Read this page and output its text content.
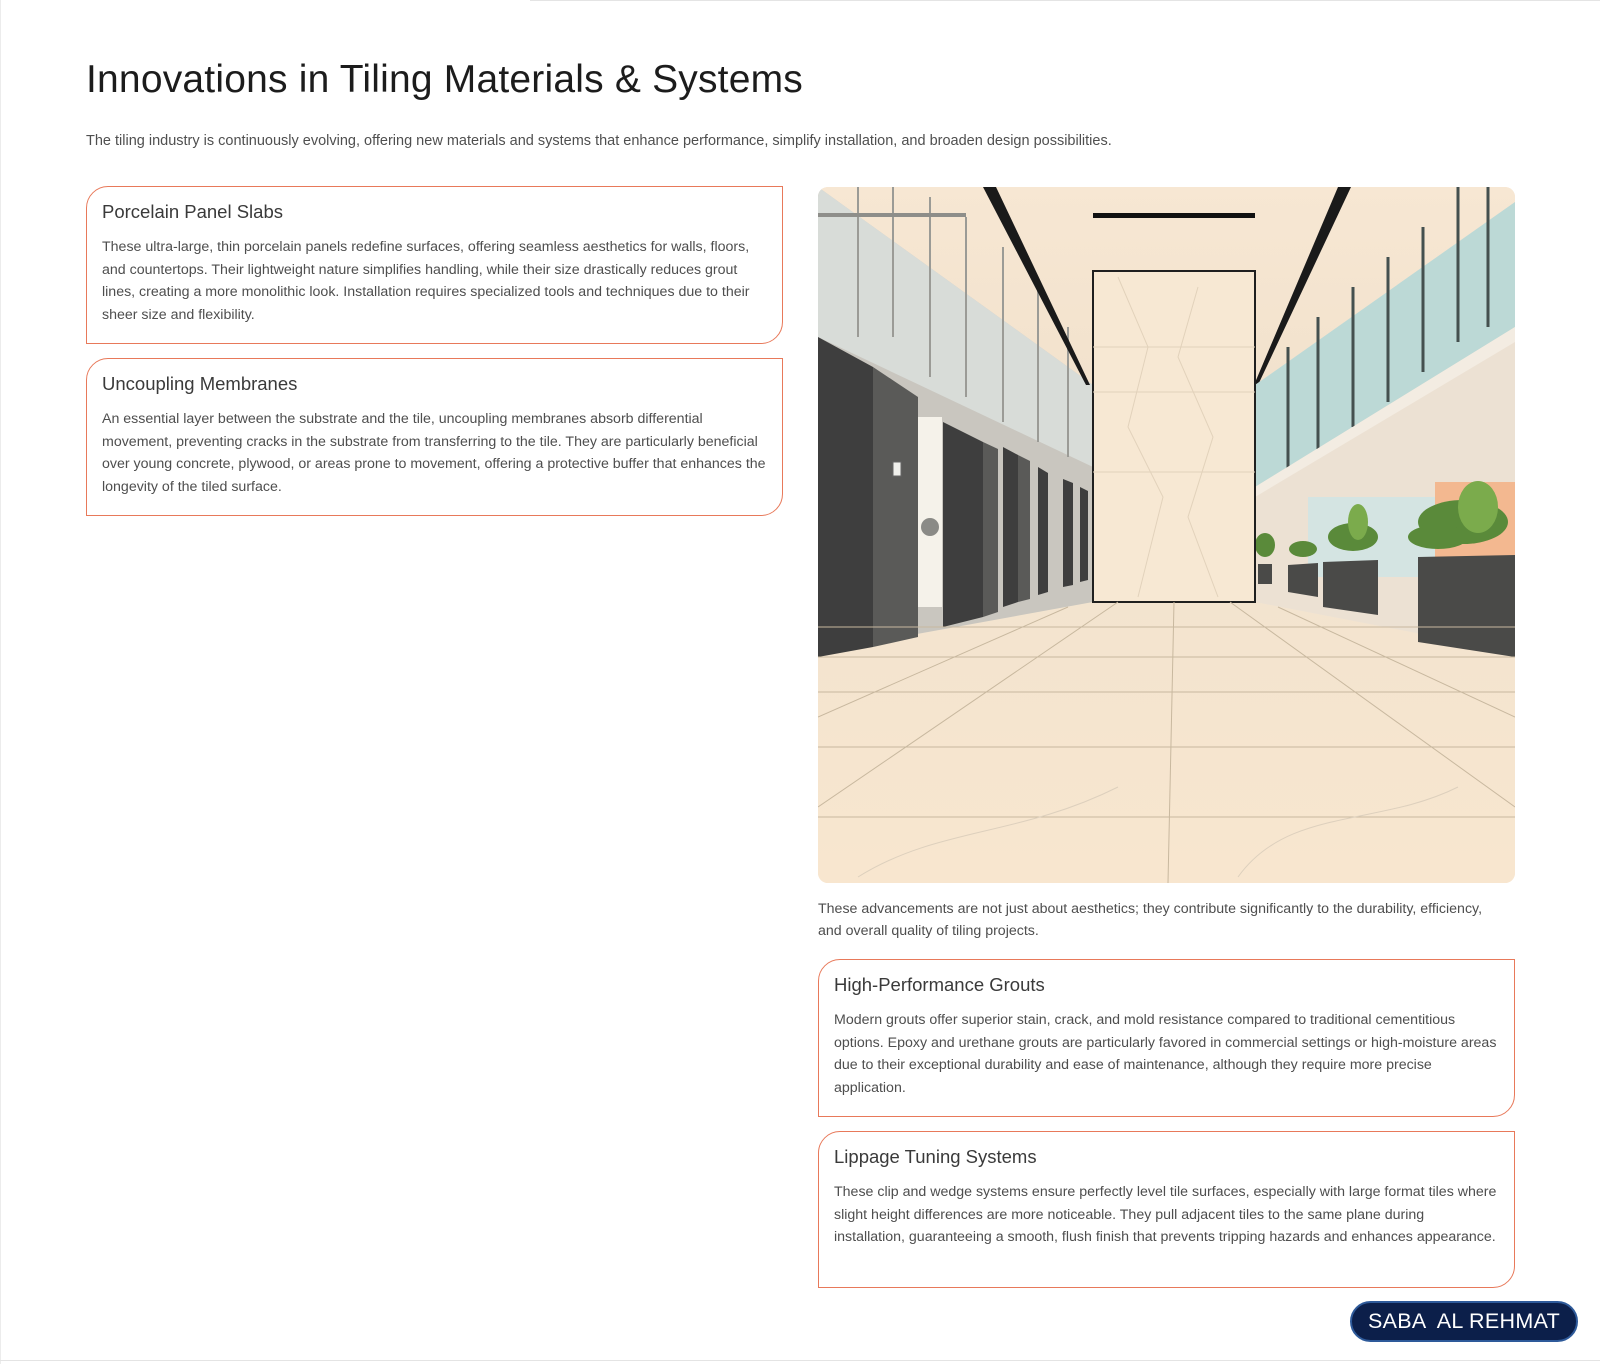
Innovations in Tiling Materials & Systems

The tiling industry is continuously evolving, offering new materials and systems that enhance performance, simplify installation, and broaden design possibilities.

Porcelain Panel Slabs

These ultra-large, thin porcelain panels redefine surfaces, offering seamless aesthetics for walls, floors, and countertops. Their lightweight nature simplifies handling, while their size drastically reduces grout lines, creating a more monolithic look. Installation requires specialized tools and techniques due to their sheer size and flexibility.

Uncoupling Membranes

An essential layer between the substrate and the tile, uncoupling membranes absorb differential movement, preventing cracks in the substrate from transferring to the tile. They are particularly beneficial over young concrete, plywood, or areas prone to movement, offering a protective buffer that enhances the longevity of the tiled surface.

These advancements are not just about aesthetics; they contribute significantly to the durability, efficiency, and overall quality of tiling projects.

High-Performance Grouts

Modern grouts offer superior stain, crack, and mold resistance compared to traditional cementitious options. Epoxy and urethane grouts are particularly favored in commercial settings or high-moisture areas due to their exceptional durability and ease of maintenance, although they require more precise application.

Lippage Tuning Systems

These clip and wedge systems ensure perfectly level tile surfaces, especially with large format tiles where slight height differences are more noticeable. They pull adjacent tiles to the same plane during installation, guaranteeing a smooth, flush finish that prevents tripping hazards and enhances appearance.

SABA  AL REHMAT
